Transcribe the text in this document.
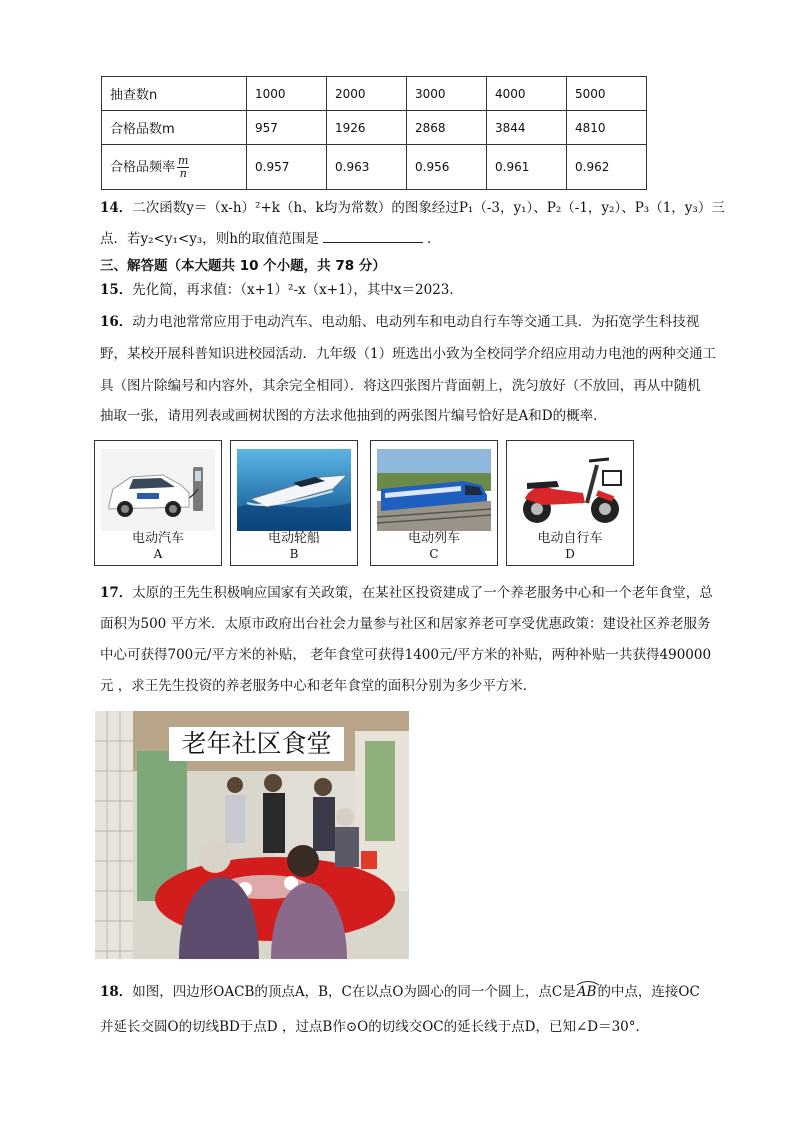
抽查数n	1000	2000	3000	4000	5000
合格品数m	957	1926	2868	3844	4810
合格品频率 $\frac{m}{n}$	0.957	0.963	0.956	0.961	0.962
14．二次函数y＝（x-h）²+k（h、k均为常数）的图象经过P₁（-3，y₁）、P₂（-1，y₂）、P₃（1，y₃）三
点．若y₂<y₁<y₃，则h的取值范围是	．
三、解答题（本大题共 10 个小题，共 78 分）
15．先化简，再求值：（x+1）²-x（x+1），其中x＝2023．
16．动力电池常常应用于电动汽车、电动船、电动列车和电动自行车等交通工具．为拓宽学生科技视
野，某校开展科普知识进校园活动．九年级（1）班选出小致为全校同学介绍应用动力电池的两种交通工
具（图片除编号和内容外，其余完全相同）．将这四张图片背面朝上，洗匀放好（不放回，再从中随机
抽取一张，请用列表或画树状图的方法求他抽到的两张图片编号恰好是A和D的概率．
电动汽车
A
电动轮船
B
电动列车
C
电动自行车
D
17．太原的王先生积极响应国家有关政策，在某社区投资建成了一个养老服务中心和一个老年食堂，总
面积为500 平方米．太原市政府出台社会力量参与社区和居家养老可享受优惠政策：建设社区养老服务
中心可获得700元/平方米的补贴， 老年食堂可获得1400元/平方米的补贴，两种补贴一共获得490000
元 ，求王先生投资的养老服务中心和老年食堂的面积分别为多少平方米．
老年社区食堂
18．如图，四边形OACB的顶点A，B，C在以点O为圆心的同一个圆上，点C是
AB的中点，连接OC
并延长交圆O的切线BD于点D ，过点B作⊙O的切线交OC的延长线于点D，已知∠D＝30°．
